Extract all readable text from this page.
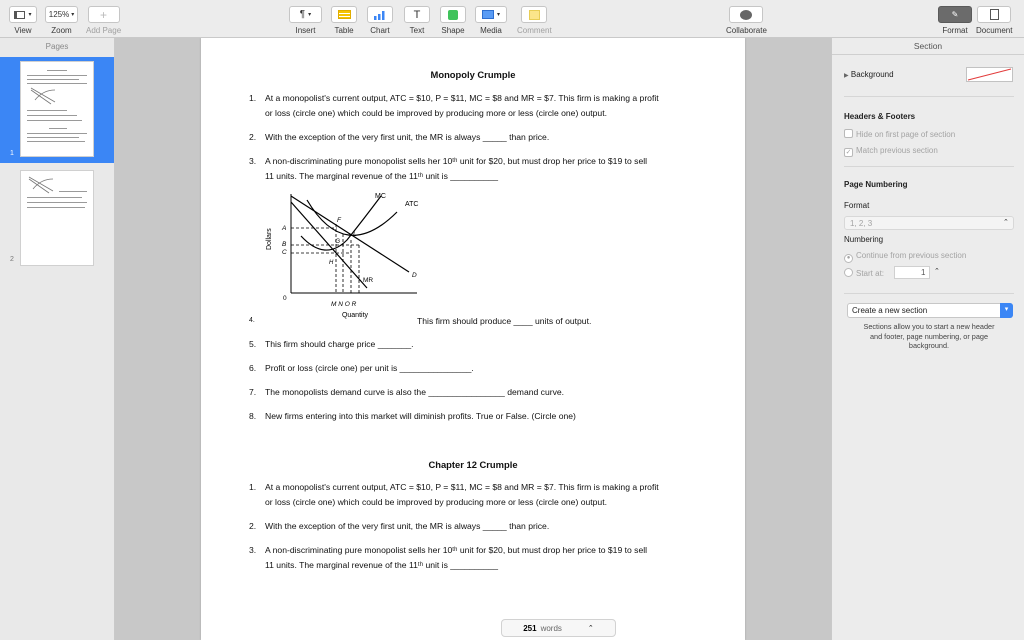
▾
View
125% ▾
Zoom
+
Add Page
¶ ▾
Insert Table Chart
T
Text Shape
▾
Media Comment	Collaborate
✎
Format Document
Pages
1
2
Monopoly Crumple
1. At a monopolist's current output, ATC = $10, P = $11, MC = $8 and MR = $7. This firm is making a profit
or loss (circle one) which could be improved by producing more or less (circle one) output.
2. With the exception of the very first unit, the MR is always _____ than price.
3. A non-discriminating pure monopolist sells her 10ᵗʰ unit for $20, but must drop her price to $19 to sell
11 units. The marginal revenue of the 11ᵗʰ unit is __________
Dollars
Quantity
MC
ATC
MR
D
0
A
B
C
F
G
H
L
M N O R
4.	This firm should produce ____ units of output.
5. This firm should charge price _______.
6. Profit or loss (circle one) per unit is _______________.
7. The monopolists demand curve is also the ________________ demand curve.
8. New firms entering into this market will diminish profits. True or False. (Circle one)
Chapter 12 Crumple
1. At a monopolist's current output, ATC = $10, P = $11, MC = $8 and MR = $7. This firm is making a profit
or loss (circle one) which could be improved by producing more or less (circle one) output.
2. With the exception of the very first unit, the MR is always _____ than price.
3. A non-discriminating pure monopolist sells her 10ᵗʰ unit for $20, but must drop her price to $19 to sell
11 units. The marginal revenue of the 11ᵗʰ unit is __________
251 words	⌃
Section
▶ Background
Headers & Footers
Hide on first page of section
✓ Match previous section
Page Numbering
Format
1, 2, 3	⌃
Numbering
● Continue from previous section
Start at:	1 ⌃
Create a new section	▾
Sections allow you to start a new header
and footer, page numbering, or page
background.
